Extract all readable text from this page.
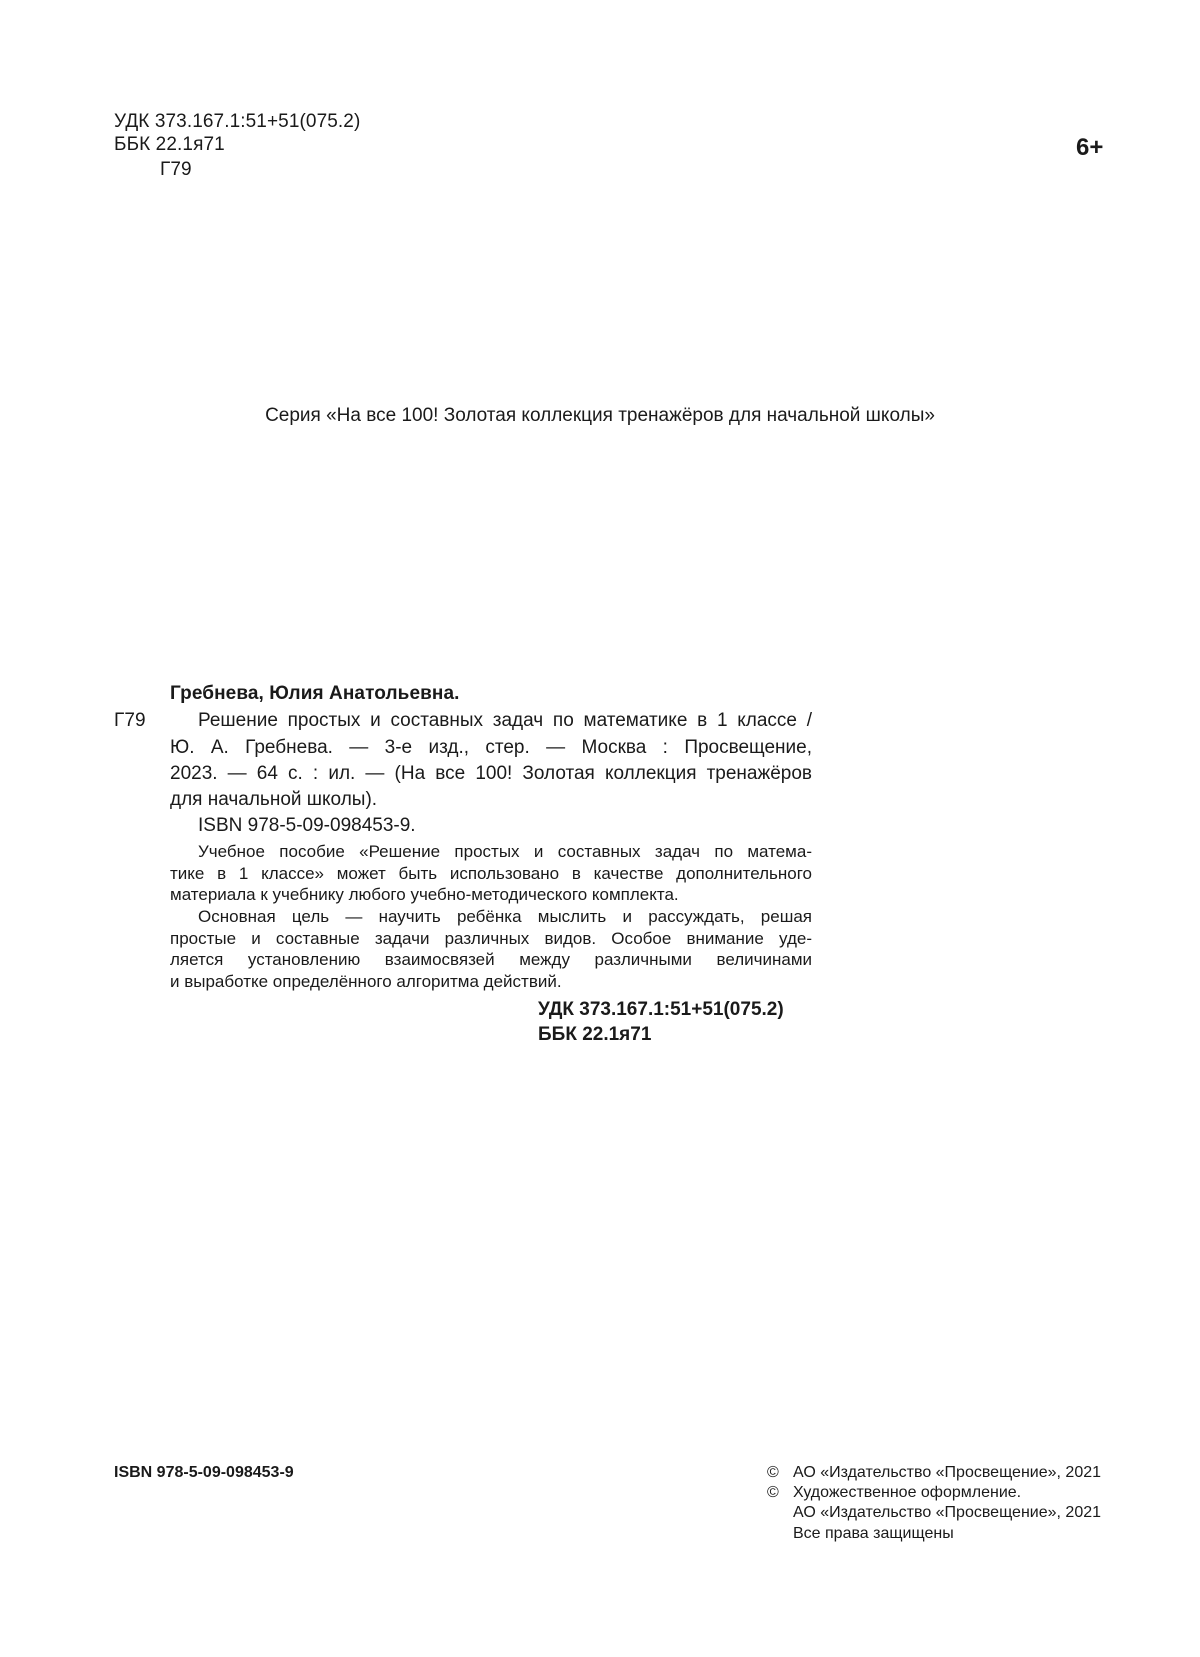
УДК 373.167.1:51+51(075.2)
ББК 22.1я71
Г79
6+
Серия «На все 100! Золотая коллекция тренажёров для начальной школы»
Гребнева, Юлия Анатольевна.
Г79	Решение простых и составных задач по математике в 1 классе /
Ю. А. Гребнева. — 3-е изд., стер. — Москва : Просвещение,
2023. — 64 с. : ил. — (На все 100! Золотая коллекция тренажёров
для начальной школы).
ISBN 978-5-09-098453-9.
Учебное пособие «Решение простых и составных задач по матема-
тике в 1 классе» может быть использовано в качестве дополнительного
материала к учебнику любого учебно-методического комплекта.
Основная цель — научить ребёнка мыслить и рассуждать, решая
простые и составные задачи различных видов. Особое внимание уде-
ляется установлению взаимосвязей между различными величинами
и выработке определённого алгоритма действий.
УДК 373.167.1:51+51(075.2)
ББК 22.1я71
ISBN 978-5-09-098453-9	© АО «Издательство «Просвещение», 2021
© Художественное оформление.
АО «Издательство «Просвещение», 2021
Все права защищены
